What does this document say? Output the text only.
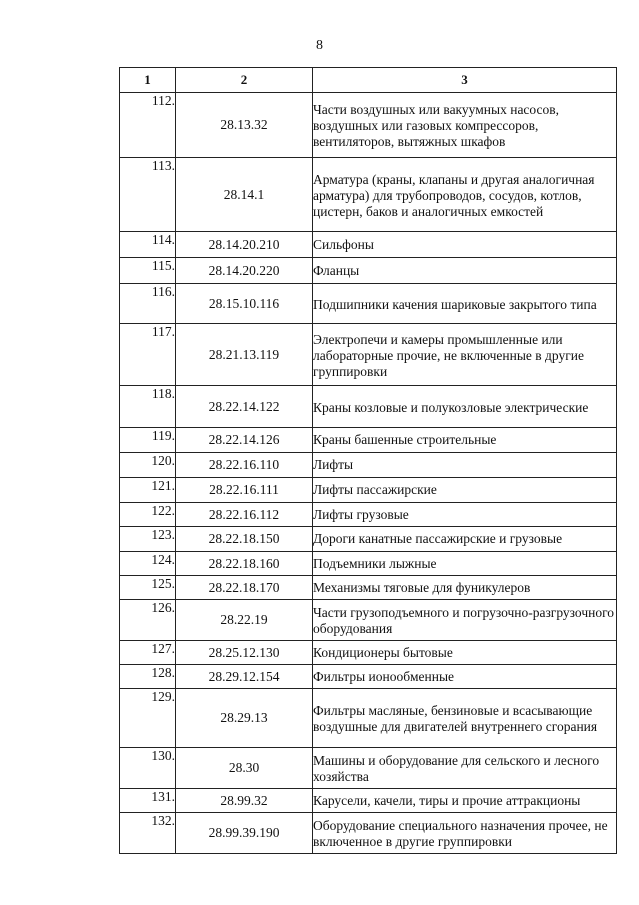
8
1	2	3
112.	28.13.32	Части воздушных или вакуумных насосов, воздушных или газовых компрессоров, вентиляторов, вытяжных шкафов
113.	28.14.1	Арматура (краны, клапаны и другая аналогичная арматура) для трубопроводов, сосудов, котлов, цистерн, баков и аналогичных емкостей
114.	28.14.20.210	Сильфоны
115.	28.14.20.220	Фланцы
116.	28.15.10.116	Подшипники качения шариковые закрытого типа
117.	28.21.13.119	Электропечи и камеры промышленные или лабораторные прочие, не включенные в другие группировки
118.	28.22.14.122	Краны козловые и полукозловые электрические
119.	28.22.14.126	Краны башенные строительные
120.	28.22.16.110	Лифты
121.	28.22.16.111	Лифты пассажирские
122.	28.22.16.112	Лифты грузовые
123.	28.22.18.150	Дороги канатные пассажирские и грузовые
124.	28.22.18.160	Подъемники лыжные
125.	28.22.18.170	Механизмы тяговые для фуникулеров
126.	28.22.19	Части грузоподъемного и погрузочно-разгрузочного оборудования
127.	28.25.12.130	Кондиционеры бытовые
128.	28.29.12.154	Фильтры ионообменные
129.	28.29.13	Фильтры масляные, бензиновые и всасывающие воздушные для двигателей внутреннего сгорания
130.	28.30	Машины и оборудование для сельского и лесного хозяйства
131.	28.99.32	Карусели, качели, тиры и прочие аттракционы
132.	28.99.39.190	Оборудование специального назначения прочее, не включенное в другие группировки
